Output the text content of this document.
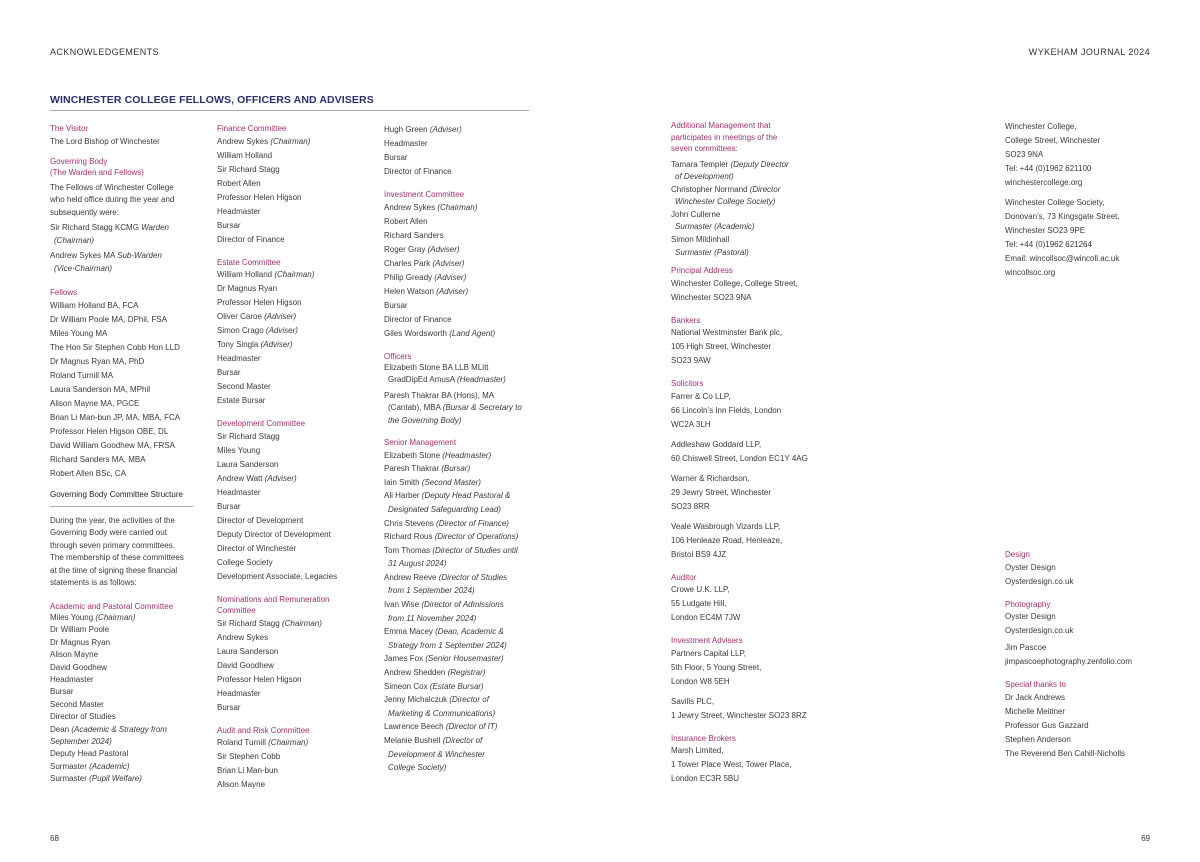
ACKNOWLEDGEMENTS	WYKEHAM JOURNAL 2024
WINCHESTER COLLEGE FELLOWS, OFFICERS AND ADVISERS
The Visitor
The Lord Bishop of Winchester
Governing Body
(The Warden and Fellows)
The Fellows of Winchester College
who held office during the year and
subsequently were:
Sir Richard Stagg KCMG Warden
(Chairman)
Andrew Sykes MA Sub-Warden
(Vice-Chairman)
Fellows
William Holland BA, FCA
Dr William Poole MA, DPhil, FSA
Miles Young MA
The Hon Sir Stephen Cobb Hon LLD
Dr Magnus Ryan MA, PhD
Roland Turnill MA
Laura Sanderson MA, MPhil
Alison Mayne MA, PGCE
Brian Li Man-bun JP, MA, MBA, FCA
Professor Helen Higson OBE, DL
David William Goodhew MA, FRSA
Richard Sanders MA, MBA
Robert Allen BSc, CA
Governing Body Committee Structure
During the year, the activities of the
Governing Body were carried out
through seven primary committees.
The membership of these committees
at the time of signing these financial
statements is as follows:
Academic and Pastoral Committee
Miles Young (Chairman)
Dr William Poole
Dr Magnus Ryan
Alison Mayne
David Goodhew
Headmaster
Bursar
Second Master
Director of Studies
Dean (Academic & Strategy from
September 2024)
Deputy Head Pastoral
Surmaster (Academic)
Surmaster (Pupil Welfare)
Finance Committee
Andrew Sykes (Chairman)
William Holland
Sir Richard Stagg
Robert Allen
Professor Helen Higson
Headmaster
Bursar
Director of Finance
Estate Committee
William Holland (Chairman)
Dr Magnus Ryan
Professor Helen Higson
Oliver Caroe (Adviser)
Simon Crago (Adviser)
Tony Singla (Adviser)
Headmaster
Bursar
Second Master
Estate Bursar
Development Committee
Sir Richard Stagg
Miles Young
Laura Sanderson
Andrew Watt (Adviser)
Headmaster
Bursar
Director of Development
Deputy Director of Development
Director of Winchester
College Society
Development Associate, Legacies
Nominations and Remuneration
Committee
Sir Richard Stagg (Chairman)
Andrew Sykes
Laura Sanderson
David Goodhew
Professor Helen Higson
Headmaster
Bursar
Audit and Risk Committee
Roland Turnill (Chairman)
Sir Stephen Cobb
Brian Li Man-bun
Alison Mayne
Hugh Green (Adviser)
Headmaster
Bursar
Director of Finance
Investment Committee
Andrew Sykes (Chairman)
Robert Allen
Richard Sanders
Roger Gray (Adviser)
Charles Park (Adviser)
Philip Gready (Adviser)
Helen Watson (Adviser)
Bursar
Director of Finance
Giles Wordsworth (Land Agent)
Officers
Elizabeth Stone BA LLB MLitt
GradDipEd AmusA (Headmaster)
Paresh Thakrar BA (Hons), MA
(Cantab), MBA (Bursar & Secretary to
the Governing Body)
Senior Management
Elizabeth Stone (Headmaster)
Paresh Thakrar (Bursar)
Iain Smith (Second Master)
Ali Harber (Deputy Head Pastoral &
Designated Safeguarding Lead)
Chris Stevens (Director of Finance)
Richard Rous (Director of Operations)
Tom Thomas (Director of Studies until
31 August 2024)
Andrew Reeve (Director of Studies
from 1 September 2024)
Ivan Wise (Director of Admissions
from 11 November 2024)
Emma Macey (Dean, Academic &
Strategy from 1 September 2024)
James Fox (Senior Housemaster)
Andrew Shedden (Registrar)
Simeon Cox (Estate Bursar)
Jenny Michalczuk (Director of
Marketing & Communications)
Lawrence Beech (Director of IT)
Melanie Bushell (Director of
Development & Winchester
College Society)
Additional Management that
participates in meetings of the
seven committees:
Tamara Templer (Deputy Director
of Development)
Christopher Normand (Director
Winchester College Society)
John Cullerne
Surmaster (Academic)
Simon Mildinhall
Surmaster (Pastoral)
Principal Address
Winchester College, College Street,
Winchester SO23 9NA
Bankers
National Westminster Bank plc,
105 High Street, Winchester
SO23 9AW
Solicitors
Farrer & Co LLP,
66 Lincoln’s Inn Fields, London
WC2A 3LH
Addleshaw Goddard LLP,
60 Chiswell Street, London EC1Y 4AG
Warner & Richardson,
29 Jewry Street, Winchester
SO23 8RR
Veale Wasbrough Vizards LLP,
106 Henleaze Road, Henleaze,
Bristol BS9 4JZ
Auditor
Crowe U.K. LLP,
55 Ludgate Hill,
London EC4M 7JW
Investment Advisers
Partners Capital LLP,
5th Floor, 5 Young Street,
London W8 5EH
Savills PLC,
1 Jewry Street, Winchester SO23 8RZ
Insurance Brokers
Marsh Limited,
1 Tower Place West, Tower Place,
London EC3R 5BU
Winchester College,
College Street, Winchester
SO23 9NA
Tel: +44 (0)1962 621100
winchestercollege.org
Winchester College Society,
Donovan’s, 73 Kingsgate Street,
Winchester SO23 9PE
Tel: +44 (0)1962 621264
Email: wincollsoc@wincoll.ac.uk
wincollsoc.org
Design
Oyster Design
Oysterdesign.co.uk
Photography
Oyster Design
Oysterdesign.co.uk
Jim Pascoe
jimpascoephotography.zenfolio.com
Special thanks to
Dr Jack Andrews
Michelle Meitiner
Professor Gus Gazzard
Stephen Anderson
The Reverend Ben Cahill-Nicholls
68	69
